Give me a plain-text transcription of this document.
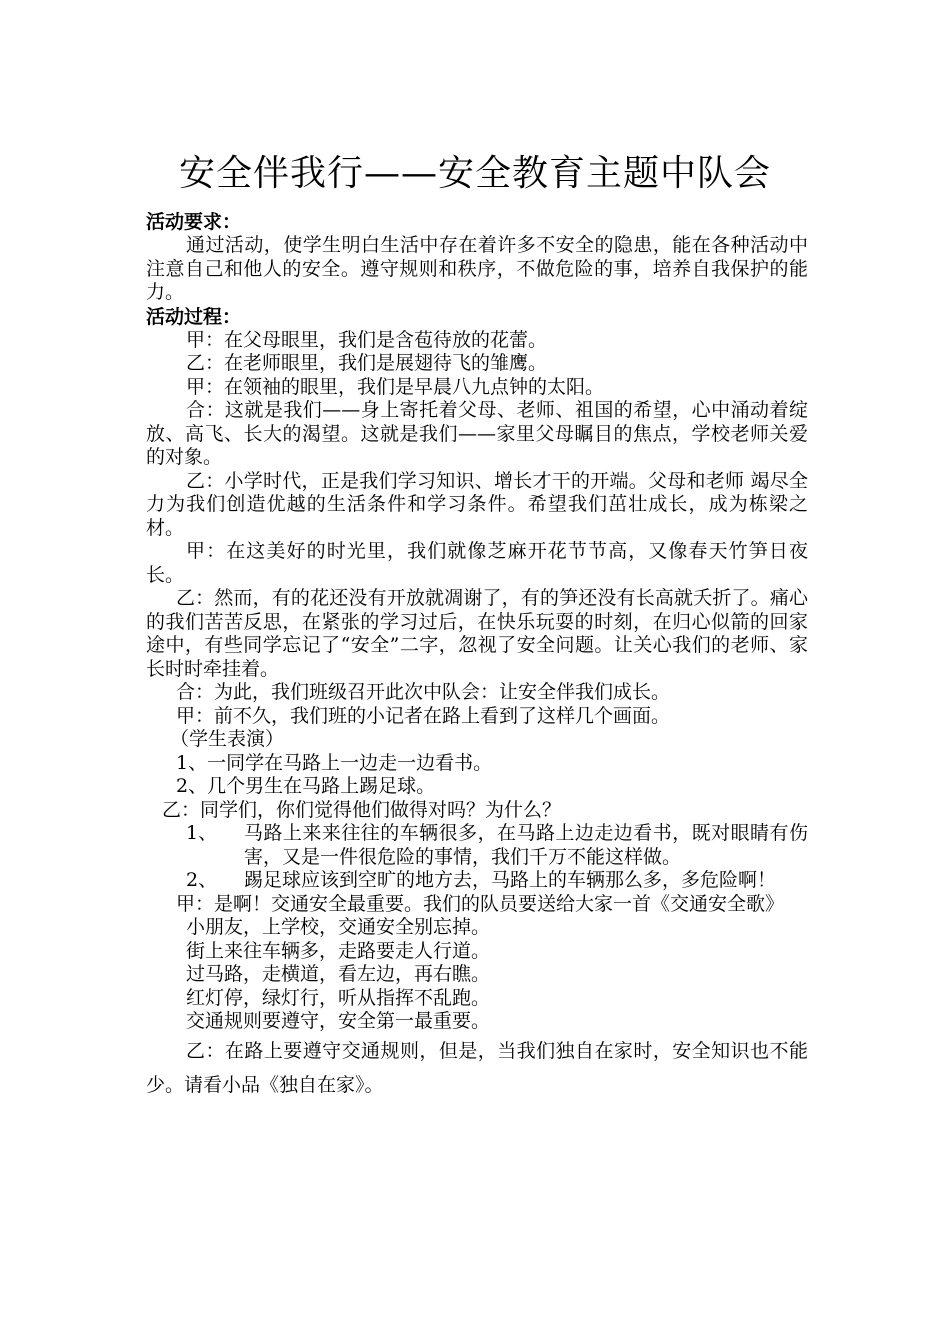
安全伴我行——安全教育主题中队会
活动要求：

通过活动，使学生明白生活中存在着许多不安全的隐患，能在各种活动中注意自己和他人的安全。遵守规则和秩序，不做危险的事，培养自我保护的能力。

活动过程：

甲：在父母眼里，我们是含苞待放的花蕾。

乙：在老师眼里，我们是展翅待飞的雏鹰。

甲：在领袖的眼里，我们是早晨八九点钟的太阳。

合：这就是我们——身上寄托着父母、老师、祖国的希望，心中涌动着绽放、高飞、长大的渴望。这就是我们——家里父母瞩目的焦点，学校老师关爱的对象。

乙：小学时代，正是我们学习知识、增长才干的开端。父母和老师 竭尽全力为我们创造优越的生活条件和学习条件。希望我们茁壮成长，成为栋梁之材。

甲：在这美好的时光里，我们就像芝麻开花节节高，又像春天竹笋日夜长。

乙：然而，有的花还没有开放就凋谢了，有的笋还没有长高就夭折了。痛心的我们苦苦反思，在紧张的学习过后，在快乐玩耍的时刻，在归心似箭的回家途中，有些同学忘记了“安全”二字，忽视了安全问题。让关心我们的老师、家长时时牵挂着。

合：为此，我们班级召开此次中队会：让安全伴我们成长。

甲：前不久，我们班的小记者在路上看到了这样几个画面。

（学生表演）

1、一同学在马路上一边走一边看书。

2、几个男生在马路上踢足球。

乙：同学们，你们觉得他们做得对吗？为什么？

1、	马路上来来往往的车辆很多，在马路上边走边看书，既对眼睛有伤害，又是一件很危险的事情，我们千万不能这样做。
2、	踢足球应该到空旷的地方去，马路上的车辆那么多，多危险啊！

甲：是啊！交通安全最重要。我们的队员要送给大家一首《交通安全歌》

小朋友，上学校，交通安全别忘掉。

街上来往车辆多，走路要走人行道。

过马路，走横道，看左边，再右瞧。

红灯停，绿灯行，听从指挥不乱跑。

交通规则要遵守，安全第一最重要。

乙：在路上要遵守交通规则，但是，当我们独自在家时，安全知识也不能少。请看小品《独自在家》。
